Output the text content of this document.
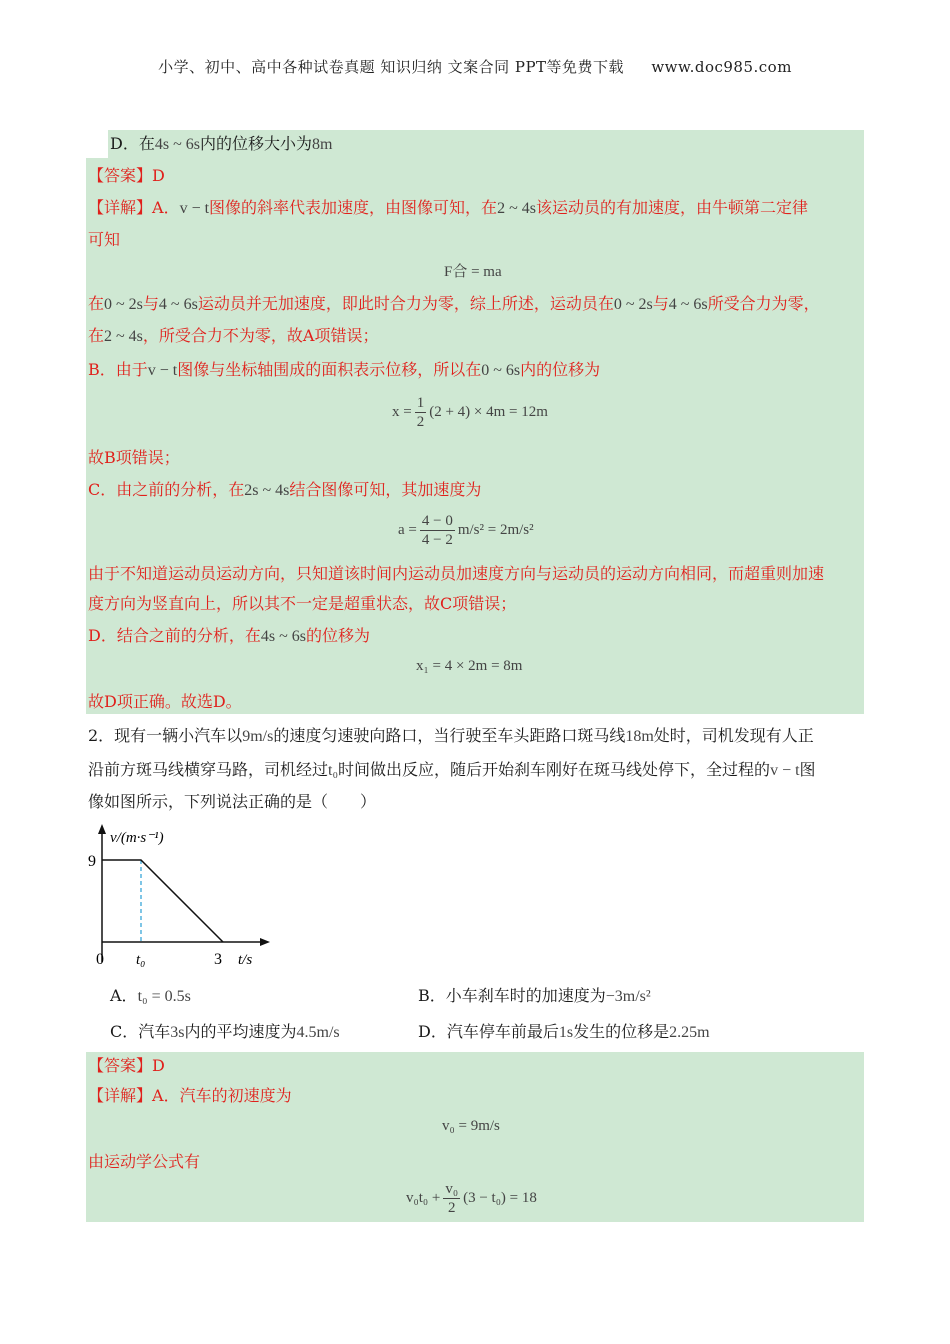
小学、初中、高中各种试卷真题 知识归纳 文案合同 PPT等免费下载 www.doc985.com
D．在4s ~ 6s内的位移大小为8m
【答案】D
【详解】A．v − t图像的斜率代表加速度，由图像可知，在2 ~ 4s该运动员的有加速度，由牛顿第二定律
可知
F合 = ma
在0 ~ 2s与4 ~ 6s运动员并无加速度，即此时合力为零，综上所述，运动员在0 ~ 2s与4 ~ 6s所受合力为零，
在2 ~ 4s，所受合力不为零，故A项错误；
B．由于v − t图像与坐标轴围成的面积表示位移，所以在0 ~ 6s内的位移为
$x = \frac{1}{2} (2 + 4) \times 4m = 12m$
故B项错误；
C．由之前的分析，在2s ~ 4s结合图像可知，其加速度为
$a = \frac{4 - 0}{4 - 2} m/s^2 = 2m/s^2$
由于不知道运动员运动方向，只知道该时间内运动员加速度方向与运动员的运动方向相同，而超重则加速
度方向为竖直向上，所以其不一定是超重状态，故C项错误；
D．结合之前的分析，在4s ~ 6s的位移为
x₁ = 4 × 2m = 8m
故D项正确。故选D。
2．现有一辆小汽车以9m/s的速度匀速驶向路口，当行驶至车头距路口斑马线18m处时，司机发现有人正
沿前方斑马线横穿马路，司机经过t₀时间做出反应，随后开始刹车刚好在斑马线处停下，全过程的v − t图
像如图所示，下列说法正确的是（　　）
v/(m·s⁻¹)
9
0 t₀	3 t/s
A．t₀ = 0.5s	B．小车刹车时的加速度为−3m/s²
C．汽车3s内的平均速度为4.5m/s	D．汽车停车前最后1s发生的位移是2.25m
【答案】D
【详解】A．汽车的初速度为
v₀ = 9m/s
由运动学公式有
$v_0t_0 + \frac{\text{v₀}}{2} (3 - t_0) = 18$
